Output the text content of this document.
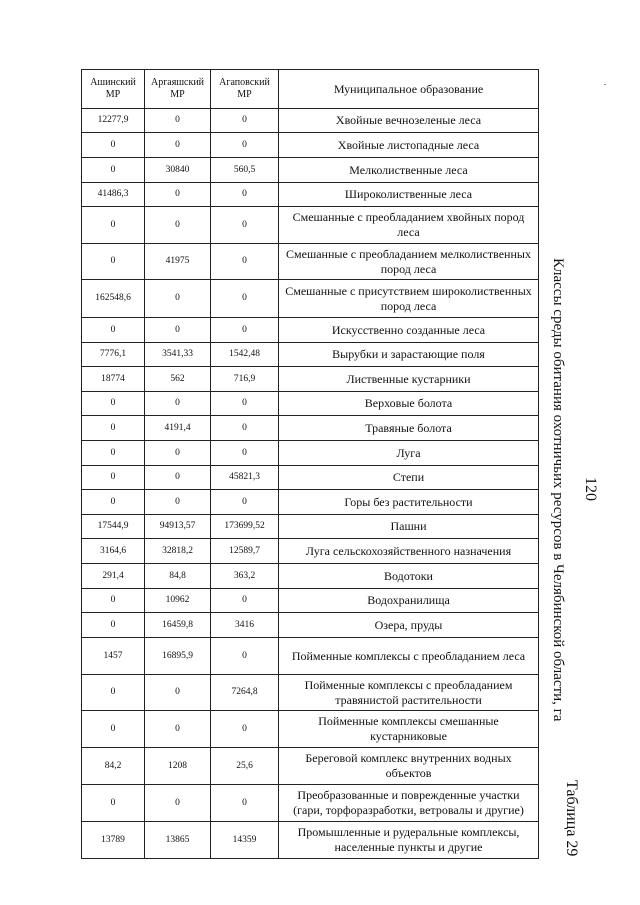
Ашинский МР	Аргаяшский МР	Агаповский МР	Муниципальное образование
12277,9	0	0	Хвойные вечнозеленые леса
0	0	0	Хвойные листопадные леса
0	30840	560,5	Мелколиственные леса
41486,3	0	0	Широколиственные леса
0	0	0	Смешанные с преобладанием хвойных пород леса
0	41975	0	Смешанные с преобладанием мелколиственных пород леса
162548,6	0	0	Смешанные с присутствием широколиственных пород леса
0	0	0	Искусственно созданные леса
7776,1	3541,33	1542,48	Вырубки и зарастающие поля
18774	562	716,9	Лиственные кустарники
0	0	0	Верховые болота
0	4191,4	0	Травяные болота
0	0	0	Луга
0	0	45821,3	Степи
0	0	0	Горы без растительности
17544,9	94913,57	173699,52	Пашни
3164,6	32818,2	12589,7	Луга сельскохозяйственного назначения
291,4	84,8	363,2	Водотоки
0	10962	0	Водохранилища
0	16459,8	3416	Озера, пруды
1457	16895,9	0	Пойменные комплексы с преобладанием леса
0	0	7264,8	Пойменные комплексы с преобладанием травянистой растительности
0	0	0	Пойменные комплексы смешанные кустарниковые
84,2	1208	25,6	Береговой комплекс внутренних водных объектов
0	0	0	Преобразованные и поврежденные участки (гари, торфоразработки, ветровалы и другие)
13789	13865	14359	Промышленные и рудеральные комплексы, населенные пункты и другие
Классы среды обитания охотничьих ресурсов в Челябинской области, га 120
Таблица 29
